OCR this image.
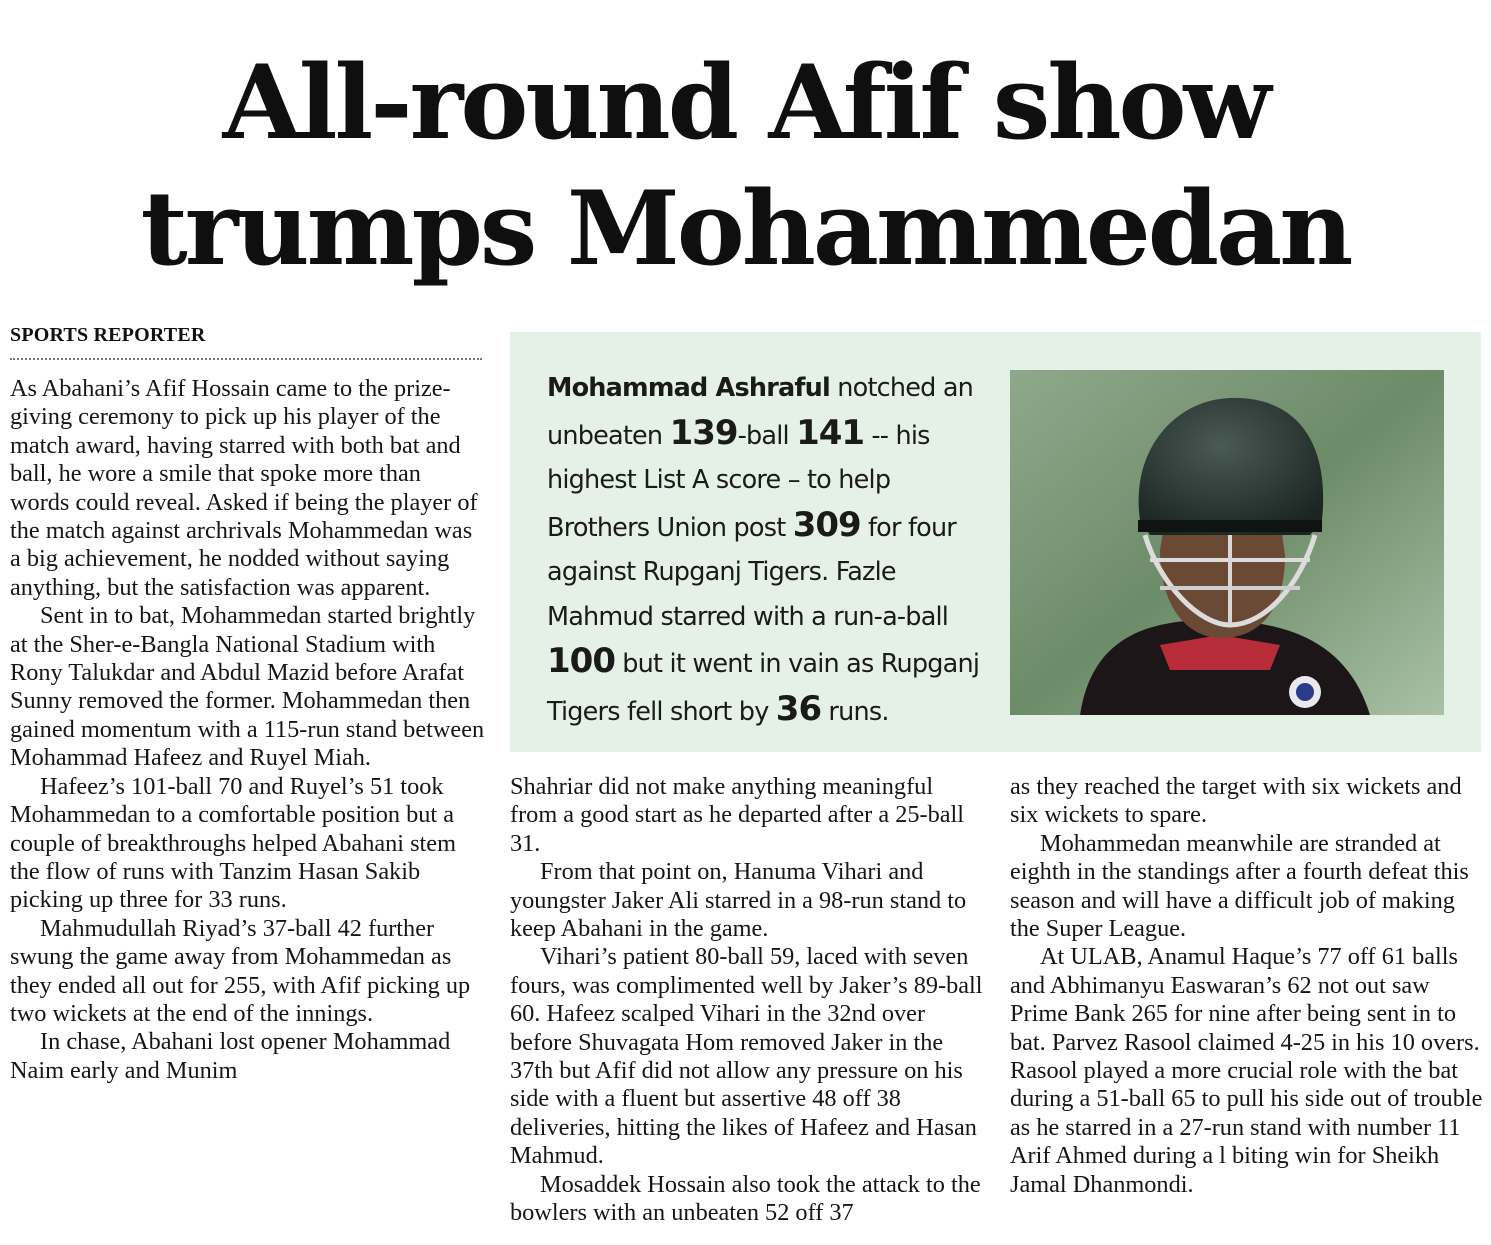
All-round Afif show
trumps Mohammedan
SPORTS REPORTER

As Abahani’s Afif Hossain came to the prize-giving ceremony to pick up his player of the match award, having starred with both bat and ball, he wore a smile that spoke more than words could reveal. Asked if being the player of the match against archrivals Mohammedan was a big achievement, he nodded without saying anything, but the satisfaction was apparent.

Sent in to bat, Mohammedan started brightly at the Sher-e-Bangla National Stadium with Rony Talukdar and Abdul Mazid before Arafat Sunny removed the former. Mohammedan then gained momentum with a 115-run stand between Mohammad Hafeez and Ruyel Miah.

Hafeez’s 101-ball 70 and Ruyel’s 51 took Mohammedan to a comfortable position but a couple of breakthroughs helped Abahani stem the flow of runs with Tanzim Hasan Sakib picking up three for 33 runs.

Mahmudullah Riyad’s 37-ball 42 further swung the game away from Mohammedan as they ended all out for 255, with Afif picking up two wickets at the end of the innings.

In chase, Abahani lost opener Mohammad Naim early and Munim

Mohammad Ashraful notched an unbeaten 139-ball 141 -- his highest List A score – to help Brothers Union post 309 for four against Rupganj Tigers. Fazle Mahmud starred with a run-a-ball 100 but it went in vain as Rupganj Tigers fell short by 36 runs.

Shahriar did not make anything meaningful from a good start as he departed after a 25-ball 31.

From that point on, Hanuma Vihari and youngster Jaker Ali starred in a 98-run stand to keep Abahani in the game.

Vihari’s patient 80-ball 59, laced with seven fours, was complimented well by Jaker’s 89-ball 60. Hafeez scalped Vihari in the 32nd over before Shuvagata Hom removed Jaker in the 37th but Afif did not allow any pressure on his side with a fluent but assertive 48 off 38 deliveries, hitting the likes of Hafeez and Hasan Mahmud.

Mosaddek Hossain also took the attack to the bowlers with an unbeaten 52 off 37

as they reached the target with six wickets and six wickets to spare.

Mohammedan meanwhile are stranded at eighth in the standings after a fourth defeat this season and will have a difficult job of making the Super League.

At ULAB, Anamul Haque’s 77 off 61 balls and Abhimanyu Easwaran’s 62 not out saw Prime Bank 265 for nine after being sent in to bat. Parvez Rasool claimed 4-25 in his 10 overs. Rasool played a more crucial role with the bat during a 51-ball 65 to pull his side out of trouble as he starred in a 27-run stand with number 11 Arif Ahmed during a l biting win for Sheikh Jamal Dhanmondi.
